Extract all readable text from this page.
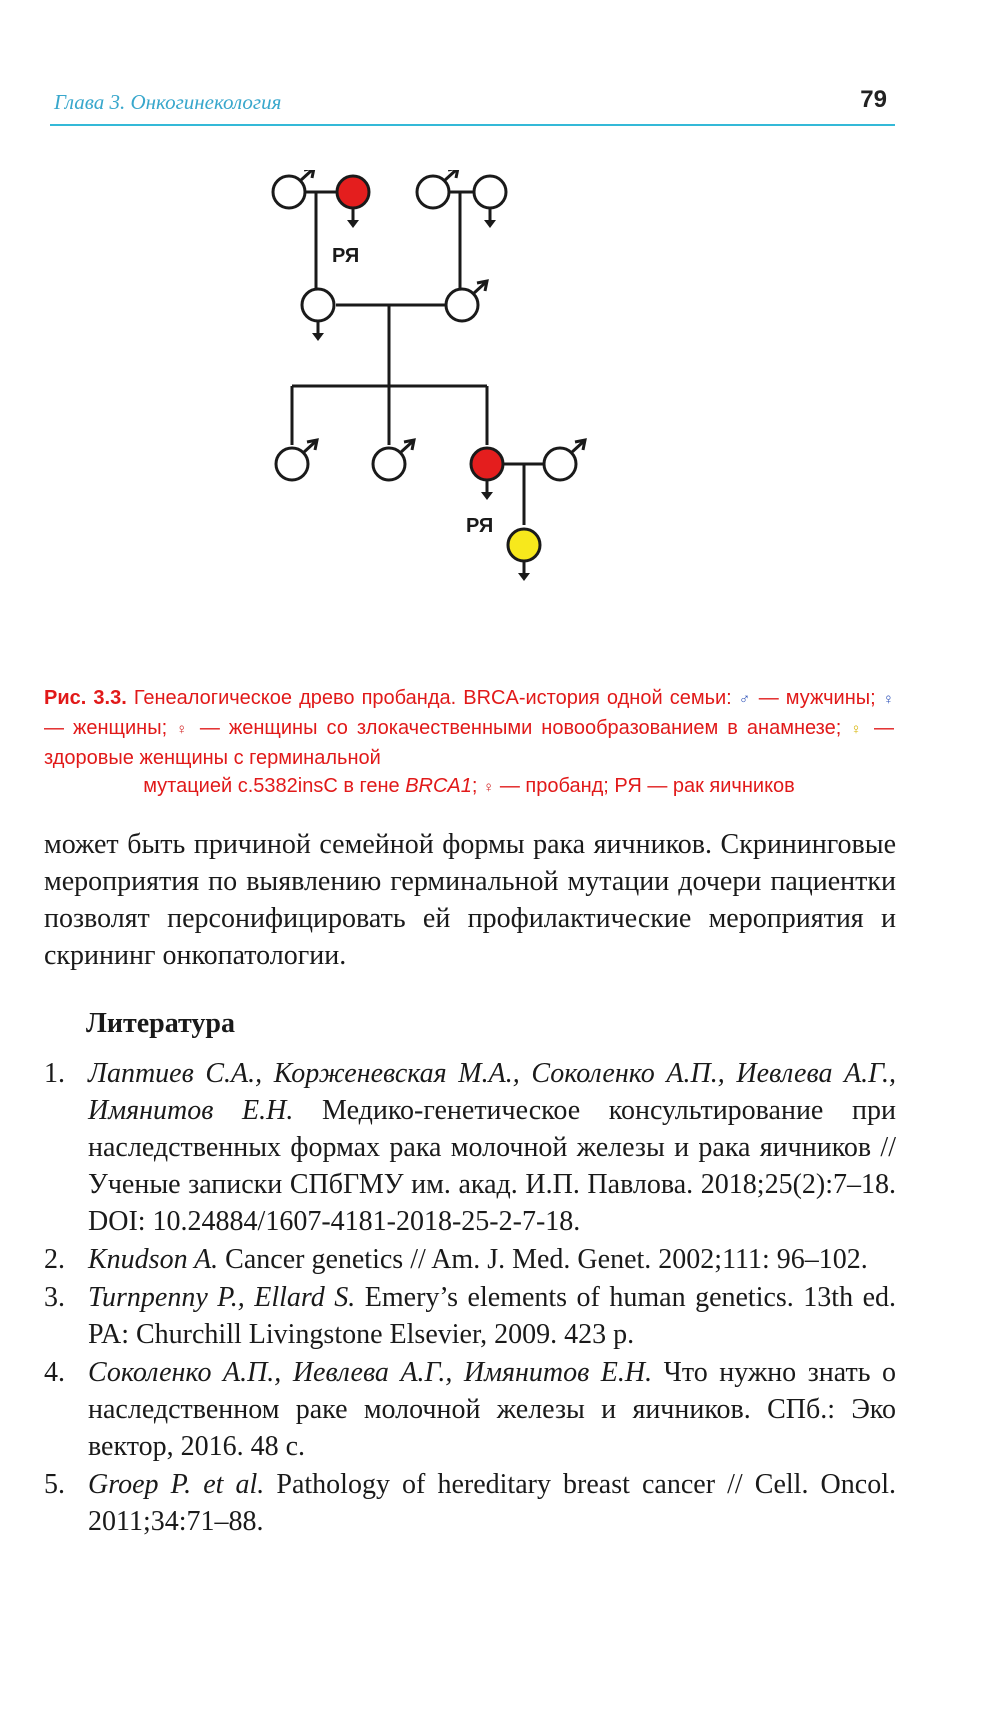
Глава 3. Онкогинекология	79
РЯ
РЯ
Рис. 3.3. Генеалогическое древо пробанда. BRCA-история одной семьи: ♂ — мужчины; ♀ — женщины; ♀ — женщины со злокачественными новообразованием в анамнезе; ♀ — здоровые женщины с герминальной
мутацией c.5382insC в гене BRCA1; ♀ — пробанд; РЯ — рак яичников

может быть причиной семейной формы рака яичников. Скрининговые мероприятия по выявлению герминальной мутации дочери пациентки позволят персонифицировать ей профилактические мероприятия и скрининг онкопатологии.

Литература
1. Лаптиев С.А., Корженевская М.А., Соколенко А.П., Иевлева А.Г., Имянитов Е.Н. Медико-генетическое консультирование при наследственных формах рака молочной железы и рака яичников // Ученые записки СПбГМУ им. акад. И.П. Павлова. 2018;25(2):7–18. DOI: 10.24884/1607-4181-2018-25-2-7-18.
2. Knudson A. Cancer genetics // Am. J. Med. Genet. 2002;111: 96–102.
3. Turnpenny P., Ellard S. Emery’s elements of human genetics. 13th ed. PA: Churchill Livingstone Elsevier, 2009. 423 p.
4. Соколенко А.П., Иевлева А.Г., Имянитов Е.Н. Что нужно знать о наследственном раке молочной железы и яичников. СПб.: Эко вектор, 2016. 48 с.
5. Groep P. et al. Pathology of hereditary breast cancer // Cell. Oncol. 2011;34:71–88.
